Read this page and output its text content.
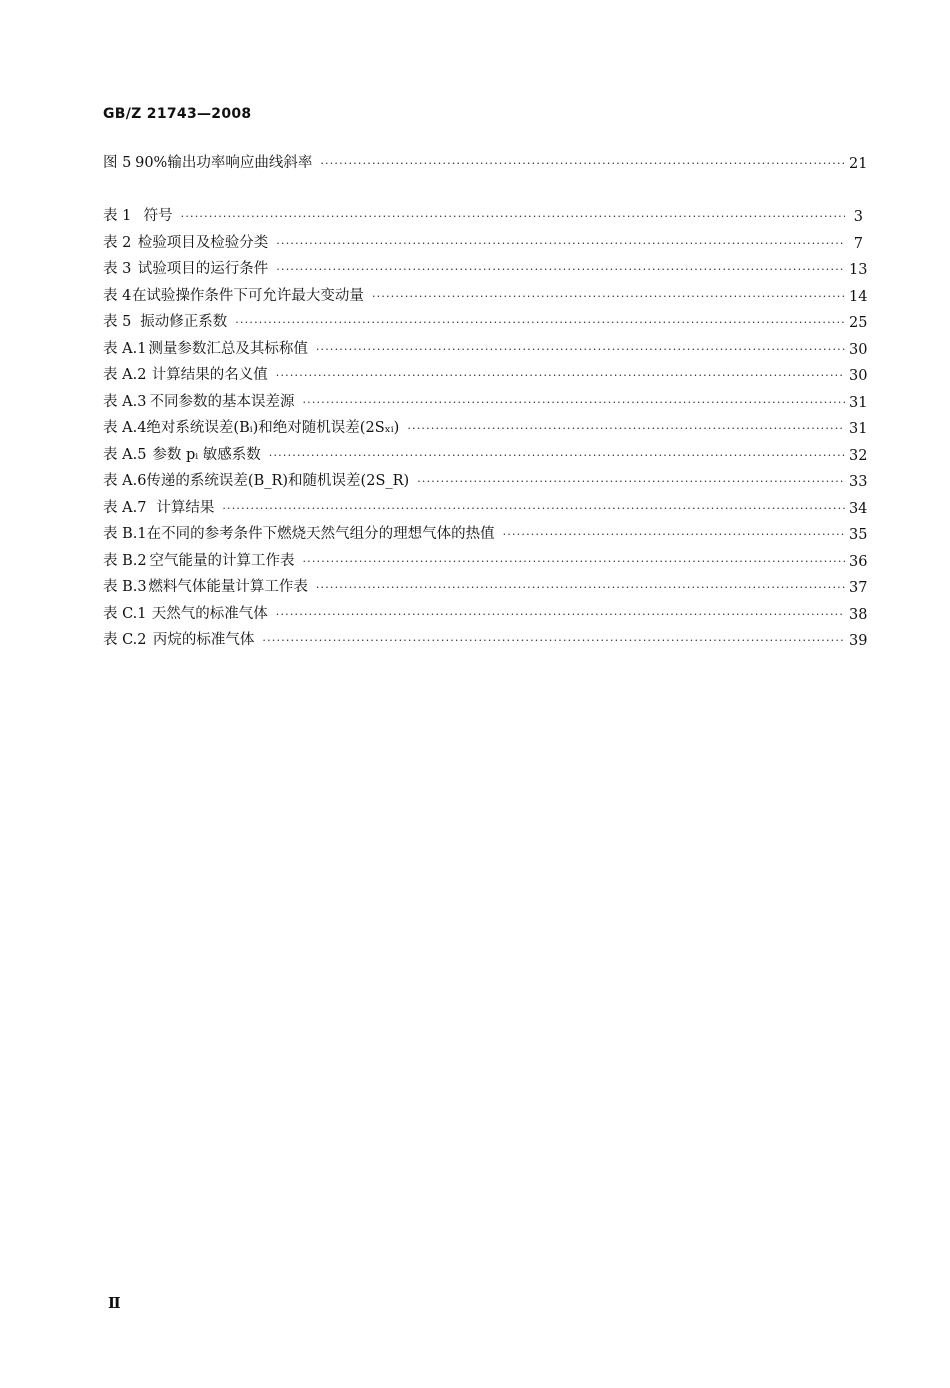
GB/Z 21743—2008
图 5 90%输出功率响应曲线斜率 ·····	21
表 1 符号 ·····	3
表 2 检验项目及检验分类 ·····	7
表 3 试验项目的运行条件 ·····	13
表 4 在试验操作条件下可允许最大变动量 ·····	14
表 5 振动修正系数 ·····	25
表 A.1 测量参数汇总及其标称值 ·····	30
表 A.2 计算结果的名义值 ·····	30
表 A.3 不同参数的基本误差源 ·····	31
表 A.4 绝对系统误差(Bᵢ)和绝对随机误差(2Sₓᵢ) ·····	31
表 A.5 参数 pᵢ 敏感系数 ·····	32
表 A.6 传递的系统误差(B_R)和随机误差(2S_R) ·····	33
表 A.7 计算结果 ·····	34
表 B.1 在不同的参考条件下燃烧天然气组分的理想气体的热值 ·····	35
表 B.2 空气能量的计算工作表 ·····	36
表 B.3 燃料气体能量计算工作表 ·····	37
表 C.1 天然气的标准气体 ·····	38
表 C.2 丙烷的标准气体 ·····	39
Ⅱ
